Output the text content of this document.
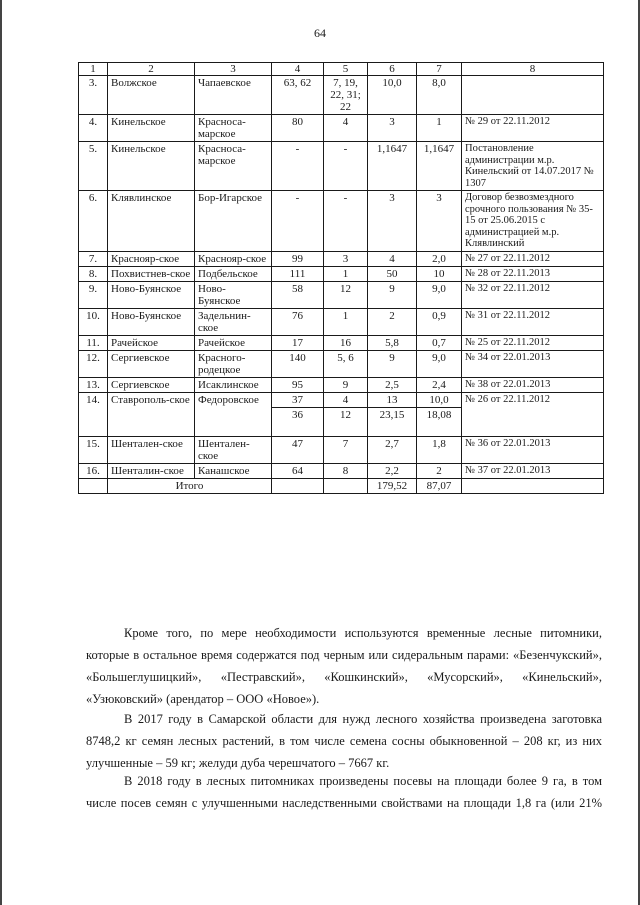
64
1	2	3	4	5	6	7	8
3.	Волжское	Чапаевское	63, 62	7, 19, 22, 31; 22	10,0	8,0	
4.	Кинельское	Красноса-марское	80	4	3	1	№ 29 от 22.11.2012
5.	Кинельское	Красноса-марское	-	-	1,1647	1,1647	Постановление администрации м.р. Кинельский от 14.07.2017 № 1307
6.	Клявлинское	Бор-Игарское	-	-	3	3	Договор безвозмездного срочного пользования № 35-15 от 25.06.2015 с администрацией м.р. Клявлинский
7.	Краснояр-ское	Краснояр-ское	99	3	4	2,0	№ 27 от 22.11.2012
8.	Похвистнев-ское	Подбельское	111	1	50	10	№ 28 от 22.11.2013
9.	Ново-Буянское	Ново-Буянское	58	12	9	9,0	№ 32 от 22.11.2012
10.	Ново-Буянское	Задельнин-ское	76	1	2	0,9	№ 31 от 22.11.2012
11.	Рачейское	Рачейское	17	16	5,8	0,7	№ 25 от 22.11.2012
12.	Сергиевское	Красного-родецкое	140	5, 6	9	9,0	№ 34 от 22.01.2013
13.	Сергиевское	Исаклинское	95	9	2,5	2,4	№ 38 от 22.01.2013
14.	Ставрополь-ское	Федоровское	37	4	13	10,0	№ 26 от 22.11.2012
			36	12	23,15	18,08	
15.	Шентален-ское	Шентален-ское	47	7	2,7	1,8	№ 36 от 22.01.2013
16.	Шенталин-ское	Канашское	64	8	2,2	2	№ 37 от 22.01.2013
	Итого				179,52	87,07	

Кроме того, по мере необходимости используются временные лесные питомники, которые в остальное время содержатся под черным или сидеральным парами: «Безенчукский», «Большеглушицкий», «Пестравский», «Кошкинский», «Мусорский», «Кинельский», «Узюковский» (арендатор – ООО «Новое»).

В 2017 году в Самарской области для нужд лесного хозяйства произведена заготовка 8748,2 кг семян лесных растений, в том числе семена сосны обыкновенной – 208 кг, из них улучшенные – 59 кг; желуди дуба черешчатого – 7667 кг.

В 2018 году в лесных питомниках произведены посевы на площади более 9 га, в том числе посев семян с улучшенными наследственными свойствами на площади 1,8 га (или 21%
